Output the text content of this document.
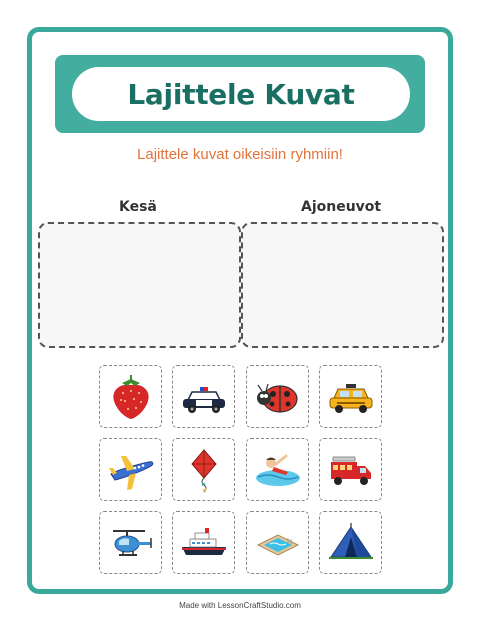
Lajittele Kuvat
Lajittele kuvat oikeisiin ryhmiin!
Kesä	Ajoneuvot
Made with LessonCraftStudio.com
